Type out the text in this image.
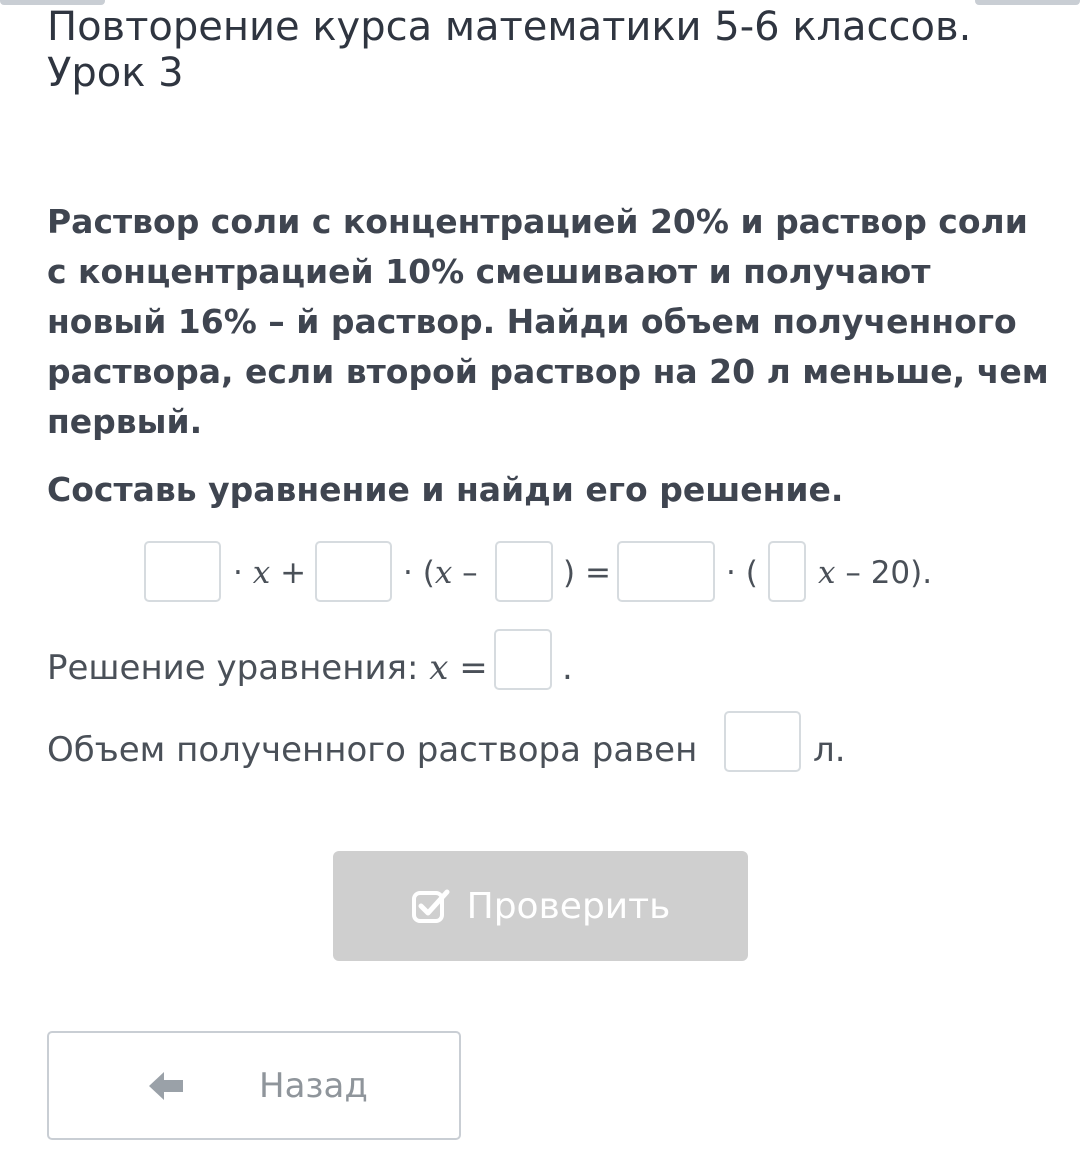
Повторение курса математики 5-6 классов.
Урок 3
Раствор соли с концентрацией 20% и раствор соли с концентрацией 10% смешивают и получают новый 16% – й раствор. Найди объем полученного раствора, если второй раствор на 20 л меньше, чем первый.
Составь уравнение и найди его решение.
· x +	· (x –	) =	· ( x – 20).
Решение уравнения: x = .
Объем полученного раствора равен	л.
Проверить
Назад
